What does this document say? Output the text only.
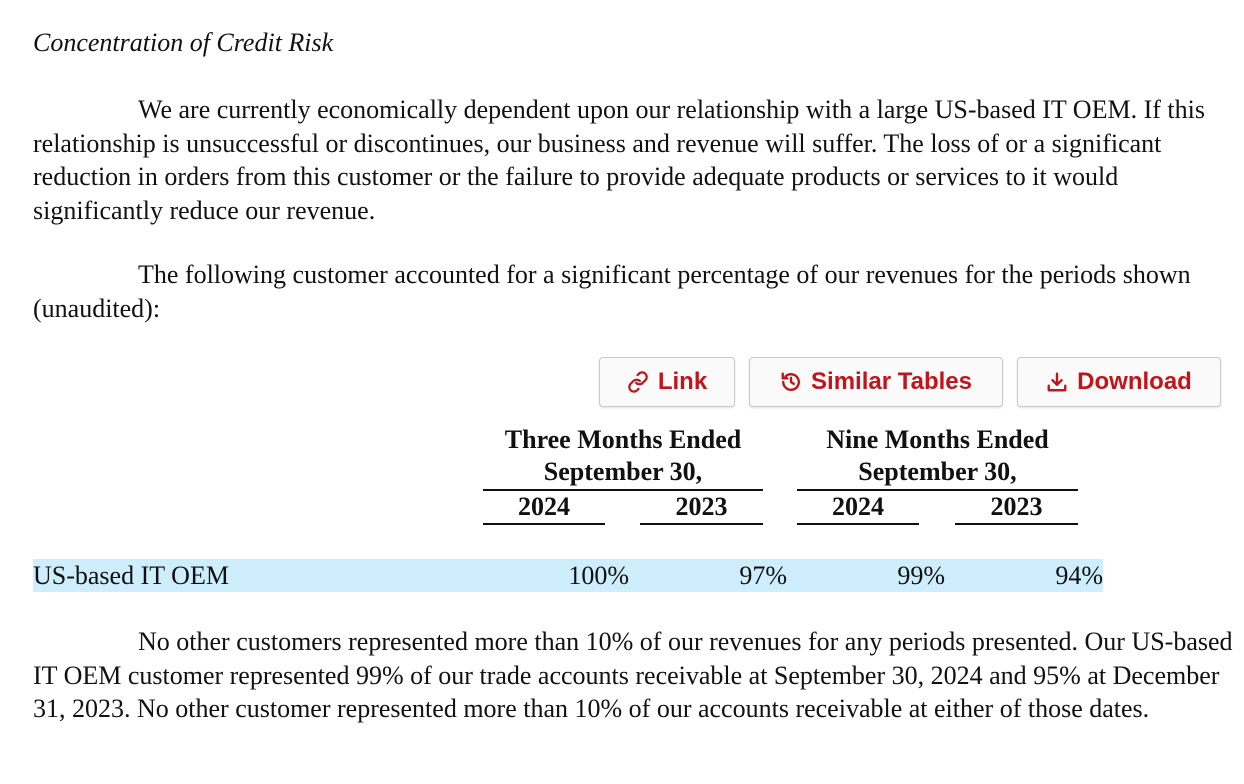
Concentration of Credit Risk

We are currently economically dependent upon our relationship with a large US-based IT OEM. If this relationship is unsuccessful or discontinues, our business and revenue will suffer. The loss of or a significant reduction in orders from this customer or the failure to provide adequate products or services to it would significantly reduce our revenue.

The following customer accounted for a significant percentage of our revenues for the periods shown (unaudited):

Link	Similar Tables	Download
Three Months Ended
September 30,
2024	2023
Nine Months Ended
September 30,
2024	2023
US-based IT OEM	100%	97%	99%	94%

No other customers represented more than 10% of our revenues for any periods presented. Our US-based IT OEM customer represented 99% of our trade accounts receivable at September 30, 2024 and 95% at December 31, 2023. No other customer represented more than 10% of our accounts receivable at either of those dates.
